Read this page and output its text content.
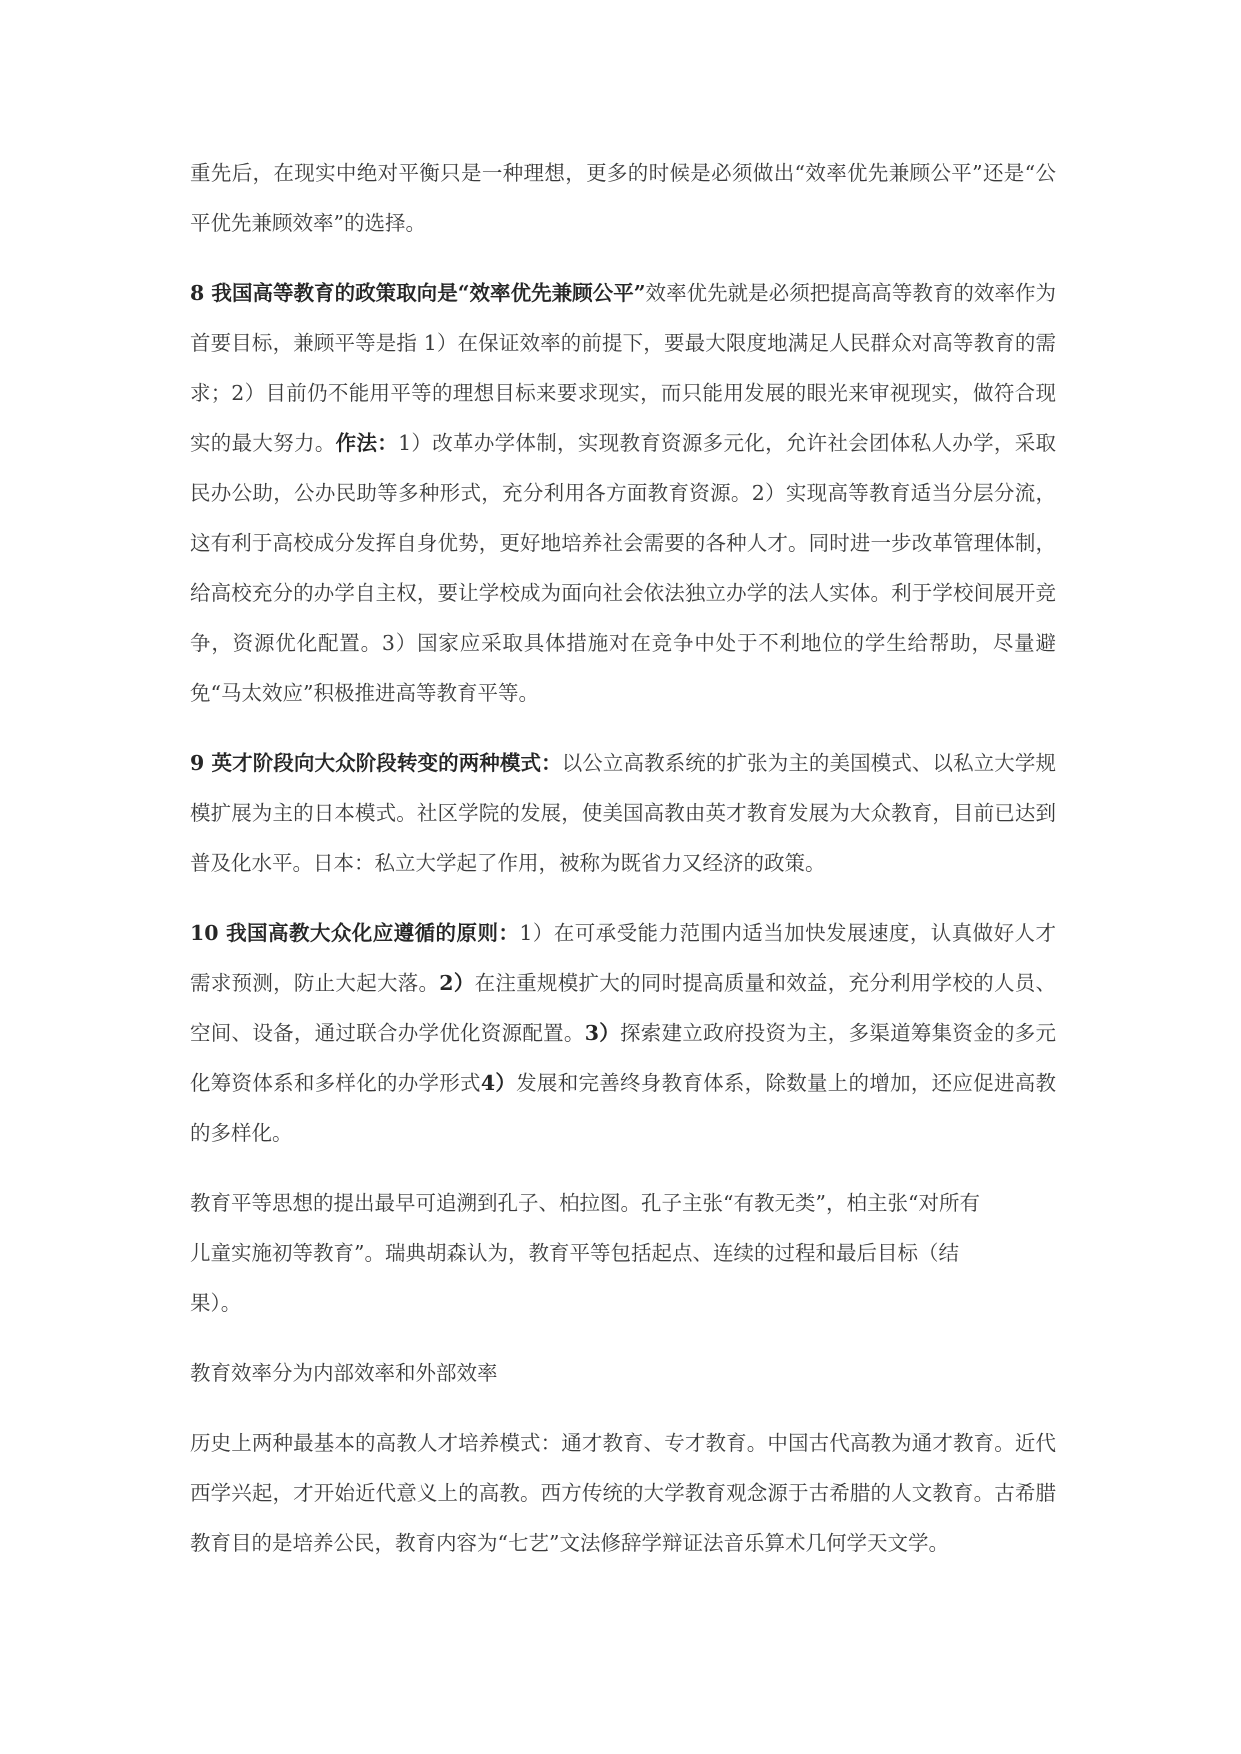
重先后，在现实中绝对平衡只是一种理想，更多的时候是必须做出“效率优先兼顾公平”还是“公平优先兼顾效率”的选择。

8 我国高等教育的政策取向是“效率优先兼顾公平”效率优先就是必须把提高高等教育的效率作为首要目标，兼顾平等是指 1）在保证效率的前提下，要最大限度地满足人民群众对高等教育的需求；2）目前仍不能用平等的理想目标来要求现实，而只能用发展的眼光来审视现实，做符合现实的最大努力。作法：1）改革办学体制，实现教育资源多元化，允许社会团体私人办学，采取民办公助，公办民助等多种形式，充分利用各方面教育资源。2）实现高等教育适当分层分流，这有利于高校成分发挥自身优势，更好地培养社会需要的各种人才。同时进一步改革管理体制，给高校充分的办学自主权，要让学校成为面向社会依法独立办学的法人实体。利于学校间展开竞争，资源优化配置。3）国家应采取具体措施对在竞争中处于不利地位的学生给帮助，尽量避免“马太效应”积极推进高等教育平等。

9 英才阶段向大众阶段转变的两种模式：以公立高教系统的扩张为主的美国模式、以私立大学规模扩展为主的日本模式。社区学院的发展，使美国高教由英才教育发展为大众教育，目前已达到普及化水平。日本：私立大学起了作用，被称为既省力又经济的政策。

10 我国高教大众化应遵循的原则：1）在可承受能力范围内适当加快发展速度，认真做好人才需求预测，防止大起大落。2）在注重规模扩大的同时提高质量和效益，充分利用学校的人员、空间、设备，通过联合办学优化资源配置。3）探索建立政府投资为主，多渠道筹集资金的多元化筹资体系和多样化的办学形式4）发展和完善终身教育体系，除数量上的增加，还应促进高教的多样化。

教育平等思想的提出最早可追溯到孔子、柏拉图。孔子主张“有教无类”，柏主张“对所有
儿童实施初等教育”。瑞典胡森认为，教育平等包括起点、连续的过程和最后目标（结
果）。

教育效率分为内部效率和外部效率

历史上两种最基本的高教人才培养模式：通才教育、专才教育。中国古代高教为通才教育。近代西学兴起，才开始近代意义上的高教。西方传统的大学教育观念源于古希腊的人文教育。古希腊教育目的是培养公民，教育内容为“七艺”文法修辞学辩证法音乐算术几何学天文学。
